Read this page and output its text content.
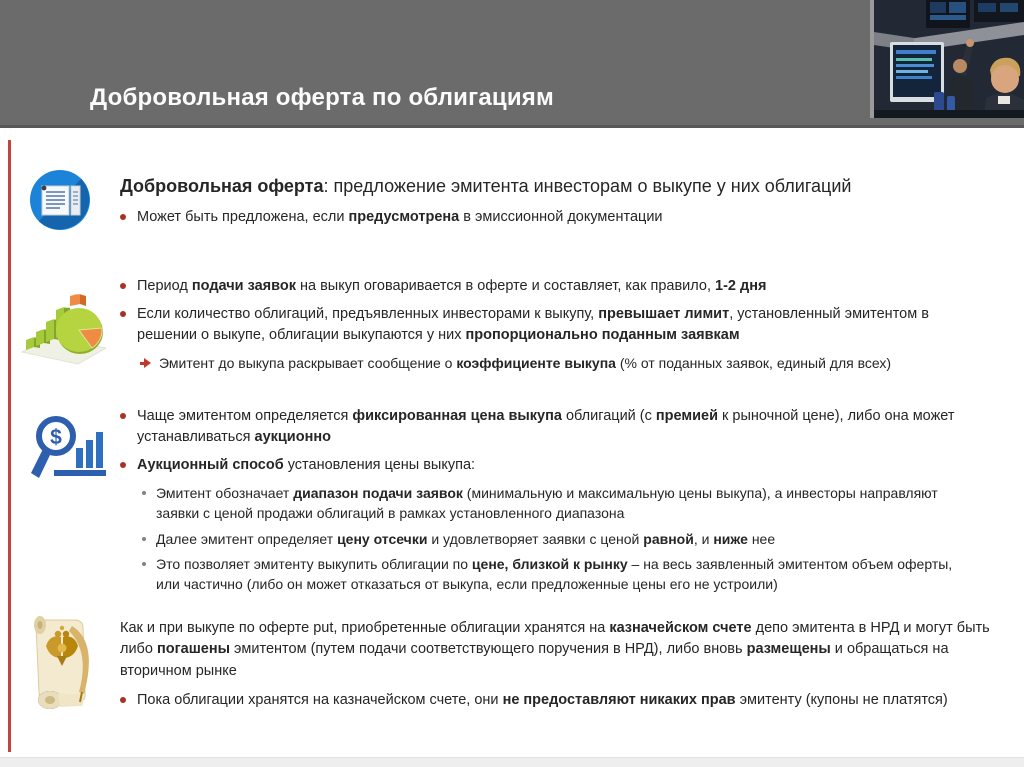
Добровольная оферта по облигациям
Добровольная оферта: предложение эмитента инвесторам о выкупе у них облигаций
Может быть предложена, если предусмотрена в эмиссионной документации
Период подачи заявок на выкуп оговаривается в оферте и составляет, как правило, 1-2 дня
Если количество облигаций, предъявленных инвесторами к выкупу, превышает лимит, установленный эмитентом в решении о выкупе, облигации выкупаются у них пропорционально поданным заявкам
Эмитент до выкупа раскрывает сообщение о коэффициенте выкупа (% от поданных заявок, единый для всех)
$
Чаще эмитентом определяется фиксированная цена выкупа облигаций (с премией к рыночной цене), либо она может устанавливаться аукционно
Аукционный способ установления цены выкупа:
Эмитент обозначает диапазон подачи заявок (минимальную и максимальную цены выкупа), а инвесторы направляют заявки с ценой продажи облигаций в рамках установленного диапазона
Далее эмитент определяет цену отсечки и удовлетворяет заявки с ценой равной, и ниже нее
Это позволяет эмитенту выкупить облигации по цене, близкой к рынку – на весь заявленный эмитентом объем оферты, или частично (либо он может отказаться от выкупа, если предложенные цены его не устроили)
Как и при выкупе по оферте put, приобретенные облигации хранятся на казначейском счете депо эмитента в НРД и могут быть либо погашены эмитентом (путем подачи соответствующего поручения в НРД), либо вновь размещены и обращаться на вторичном рынке
Пока облигации хранятся на казначейском счете, они не предоставляют никаких прав эмитенту (купоны не платятся)
